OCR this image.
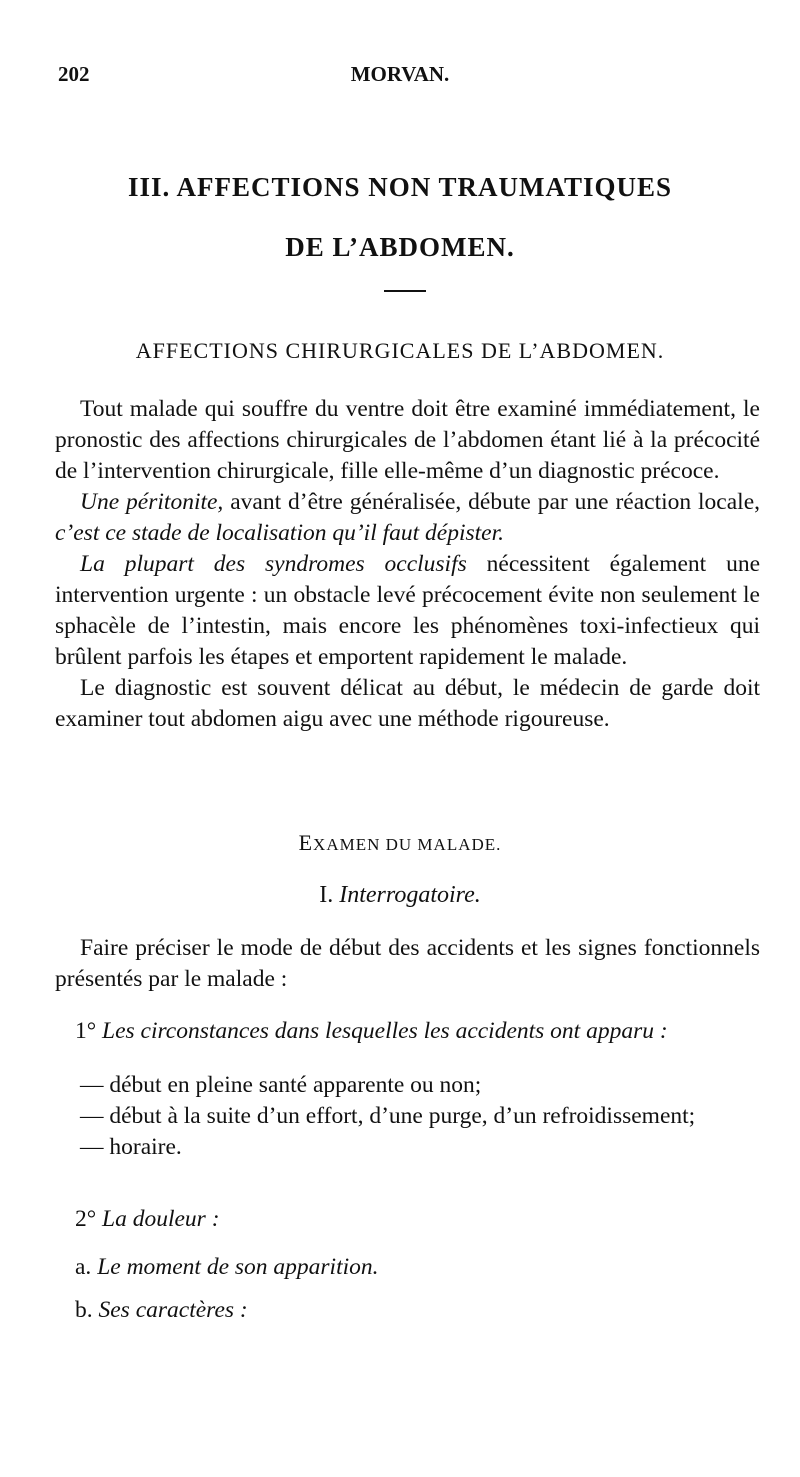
202	MORVAN.
III. AFFECTIONS NON TRAUMATIQUES
DE L’ABDOMEN.
AFFECTIONS CHIRURGICALES DE L’ABDOMEN.

Tout malade qui souffre du ventre doit être examiné immédiatement, le pronostic des affections chirurgicales de l’abdomen étant lié à la précocité de l’intervention chirurgicale, fille elle-même d’un diagnostic précoce.

Une péritonite, avant d’être généralisée, débute par une réaction locale, c’est ce stade de localisation qu’il faut dépister.

La plupart des syndromes occlusifs nécessitent également une intervention urgente : un obstacle levé précocement évite non seulement le sphacèle de l’intestin, mais encore les phénomènes toxi-infectieux qui brûlent parfois les étapes et emportent rapidement le malade.

Le diagnostic est souvent délicat au début, le médecin de garde doit examiner tout abdomen aigu avec une méthode rigoureuse.

EXAMEN DU MALADE.
I. Interrogatoire.

Faire préciser le mode de début des accidents et les signes fonctionnels présentés par le malade :

1° Les circonstances dans lesquelles les accidents ont apparu :

— début en pleine santé apparente ou non;

— début à la suite d’un effort, d’une purge, d’un refroidissement;

— horaire.

2° La douleur :
a. Le moment de son apparition.
b. Ses caractères :
